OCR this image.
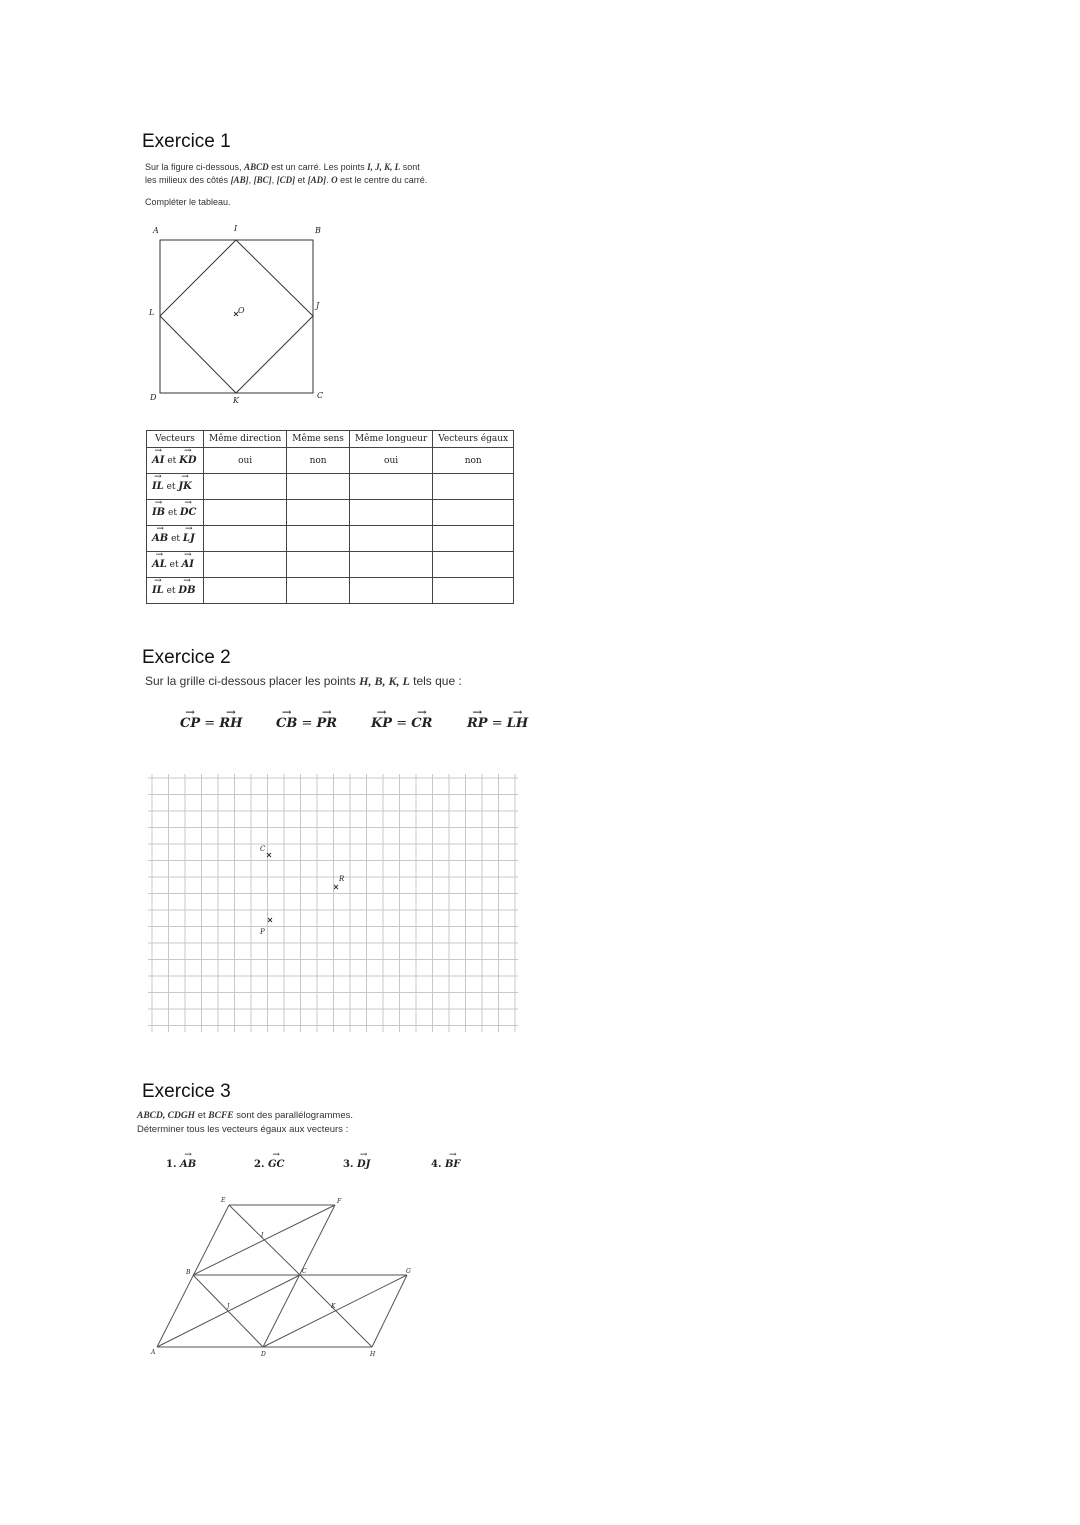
Exercice 1
Sur la figure ci-dessous, ABCD est un carré. Les points I, J, K, L sont
les milieux des côtés [AB], [BC], [CD] et [AD]. O est le centre du carré.
Compléter le tableau.
A	I	B
L	O
J
D	K
C
Vecteurs	Même direction	Même sens	Même longueur	Vecteurs égaux
→ AI et → KD	oui	non	oui	non
→ IL et → JK				
→ IB et → DC				
→ AB et → LJ				
→ AL et → AI				
→ IL et → DB				
Exercice 2
Sur la grille ci-dessous placer les points H, B, K, L tels que :
→ CP = → RH	→ CB = → PR	→ KP = → CR	→ RP = → LH
C
R
P
Exercice 3
ABCD, CDGH et BCFE sont des parallélogrammes.
Déterminer tous les vecteurs égaux aux vecteurs :
1. → AB	2. → GC	3. → DJ	4. → BF
E	F
I
B	C	G
J	K
A	D	H
